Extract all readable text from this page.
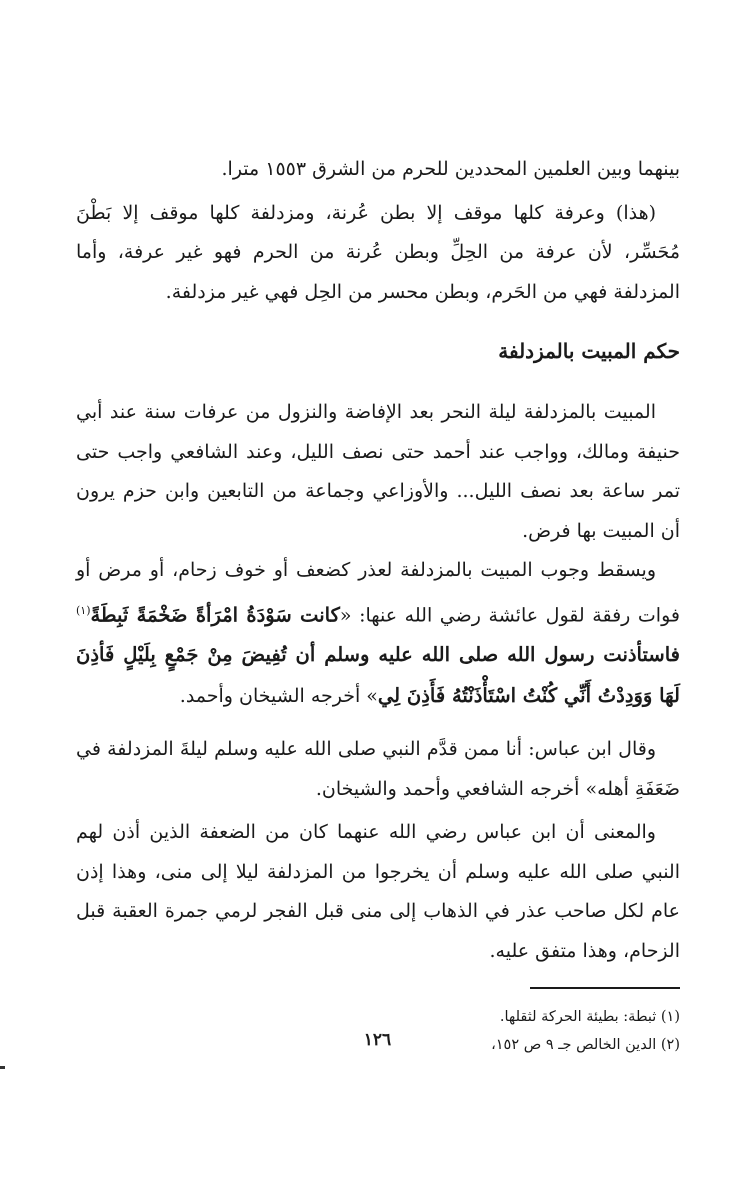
بينهما وبين العلمين المحددين للحرم من الشرق ١٥٥٣ مترا.

(هذا) وعرفة كلها موقف إلا بطن عُرنة، ومزدلفة كلها موقف إلا بَطْنَ مُحَسِّر، لأن عرفة من الحِلِّ وبطن عُرنة من الحرم فهو غير عرفة، وأما المزدلفة فهي من الحَرم، وبطن محسر من الحِل فهي غير مزدلفة.

حكم المبيت بالمزدلفة

المبيت بالمزدلفة ليلة النحر بعد الإفاضة والنزول من عرفات سنة عند أبي حنيفة ومالك، وواجب عند أحمد حتى نصف الليل، وعند الشافعي واجب حتى تمر ساعة بعد نصف الليل... والأوزاعي وجماعة من التابعين وابن حزم يرون أن المبيت بها فرض.

ويسقط وجوب المبيت بالمزدلفة لعذر كضعف أو خوف زحام، أو مرض أو فوات رفقة لقول عائشة رضي الله عنها: «كانت سَوْدَةُ امْرَأةً ضَخْمَةً ثَبِطَةً$^{(١)}$ فاستأذنت رسول الله صلى الله عليه وسلم أن تُفِيضَ مِنْ جَمْعٍ بِلَيْلٍ فَأذِنَ لَهَا وَوَدِدْتُ أَنِّي كُنْتُ اسْتَأْذَنْتُهُ فَأَذِنَ لِي» أخرجه الشيخان وأحمد.

وقال ابن عباس: أنا ممن قدَّم النبي صلى الله عليه وسلم ليلةَ المزدلفة في ضَعَفَةِ أهله» أخرجه الشافعي وأحمد والشيخان.

والمعنى أن ابن عباس رضي الله عنهما كان من الضعفة الذين أذن لهم النبي صلى الله عليه وسلم أن يخرجوا من المزدلفة ليلا إلى منى، وهذا إذن عام لكل صاحب عذر في الذهاب إلى منى قبل الفجر لرمي جمرة العقبة قبل الزحام، وهذا متفق عليه.

(١) ثبطة: بطيئة الحركة لثقلها.

(٢) الدين الخالص جـ ٩ ص ١٥٢،

١٢٦
